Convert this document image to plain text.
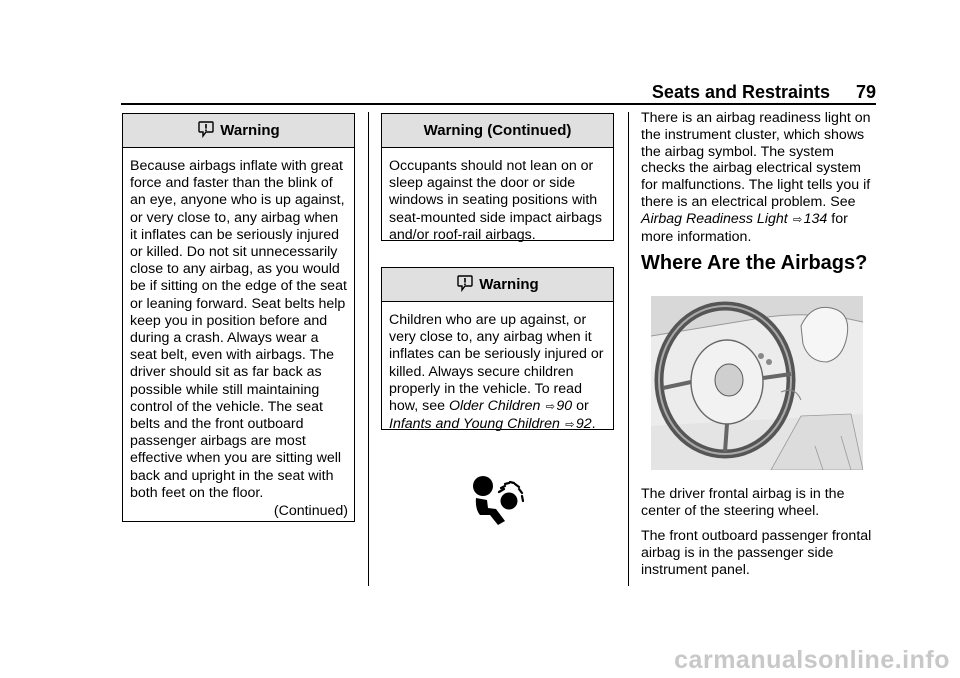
Seats and Restraints	79
Warning

Because airbags inflate with great force and faster than the blink of an eye, anyone who is up against, or very close to, any airbag when it inflates can be seriously injured or killed. Do not sit unnecessarily close to any airbag, as you would be if sitting on the edge of the seat or leaning forward. Seat belts help keep you in position before and during a crash. Always wear a seat belt, even with airbags. The driver should sit as far back as possible while still maintaining control of the vehicle. The seat belts and the front outboard passenger airbags are most effective when you are sitting well back and upright in the seat with both feet on the floor.

(Continued)

Warning (Continued)

Occupants should not lean on or sleep against the door or side windows in seating positions with seat-mounted side impact airbags and/or roof-rail airbags.

Warning

Children who are up against, or very close to, any airbag when it inflates can be seriously injured or killed. Always secure children properly in the vehicle. To read how, see Older Children ⇨90 or Infants and Young Children ⇨92.

There is an airbag readiness light on the instrument cluster, which shows the airbag symbol. The system checks the airbag electrical system for malfunctions. The light tells you if there is an electrical problem. See Airbag Readiness Light ⇨134 for more information.

Where Are the Airbags?
The driver frontal airbag is in the center of the steering wheel.
The front outboard passenger frontal airbag is in the passenger side instrument panel.
carmanualsonline.info
